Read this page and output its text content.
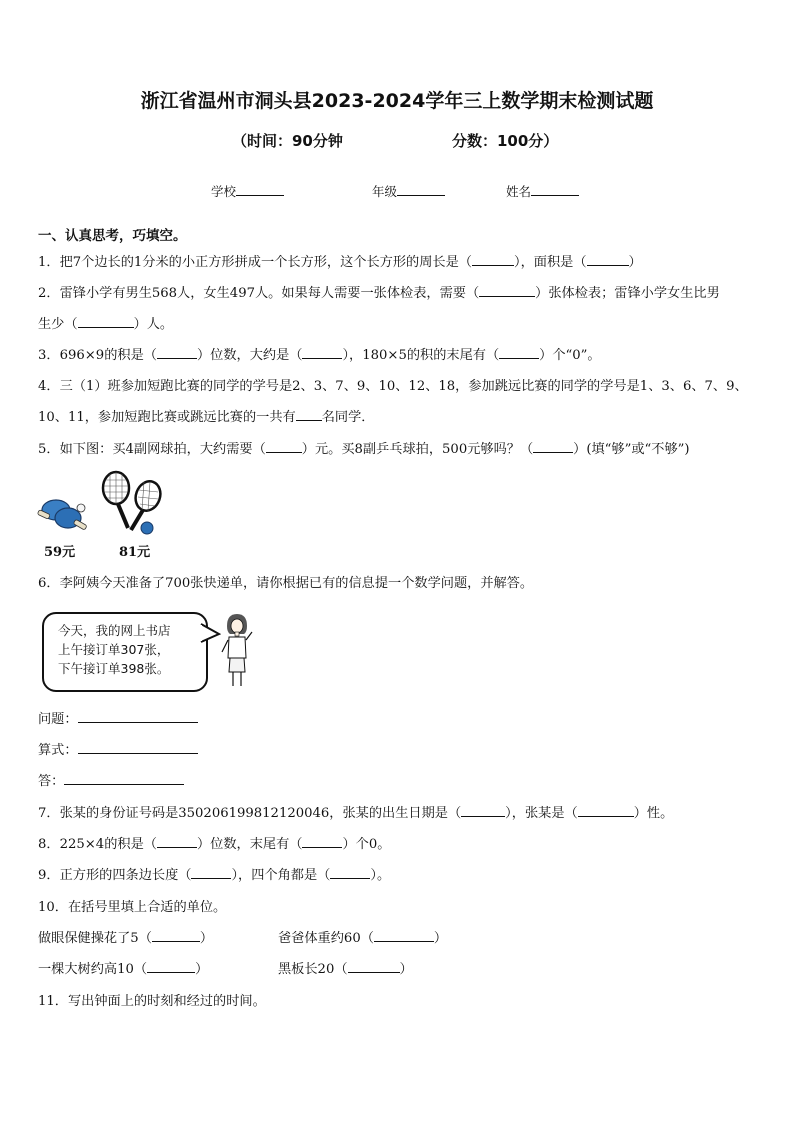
浙江省温州市洞头县2023-2024学年三上数学期末检测试题
（时间：90分钟	分数：100分）
学校	年级	姓名
一、认真思考，巧填空。
1．把7个边长的1分米的小正方形拼成一个长方形，这个长方形的周长是（	），面积是（	）
2．雷锋小学有男生568人，女生497人。如果每人需要一张体检表，需要（	）张体检表；雷锋小学女生比男
生少（	）人。
3．696×9的积是（	）位数，大约是（	），180×5的积的末尾有（	）个“0”。
4．三（1）班参加短跑比赛的同学的学号是2、3、7、9、10、12、18，参加跳远比赛的同学的学号是1、3、6、7、9、
10、11，参加短跑比赛或跳远比赛的一共有 名同学．
5．如下图：买4副网球拍，大约需要（	）元。买8副乒乓球拍，500元够吗？（	）(填“够”或“不够”)
59元	81元
6．李阿姨今天准备了700张快递单，请你根据已有的信息提一个数学问题，并解答。
今天，我的网上书店
上午接订单307张，
下午接订单398张。
问题：
算式：
答：
7．张某的身份证号码是350206199812120046，张某的出生日期是（	），张某是（	）性。
8．225×4的积是（	）位数，末尾有（	）个0。
9．正方形的四条边长度（	），四个角都是（	）。
10．在括号里填上合适的单位。
做眼保健操花了5（	）	爸爸体重约60（	）
一棵大树约高10（	）	黑板长20（	）
11．写出钟面上的时刻和经过的时间。
